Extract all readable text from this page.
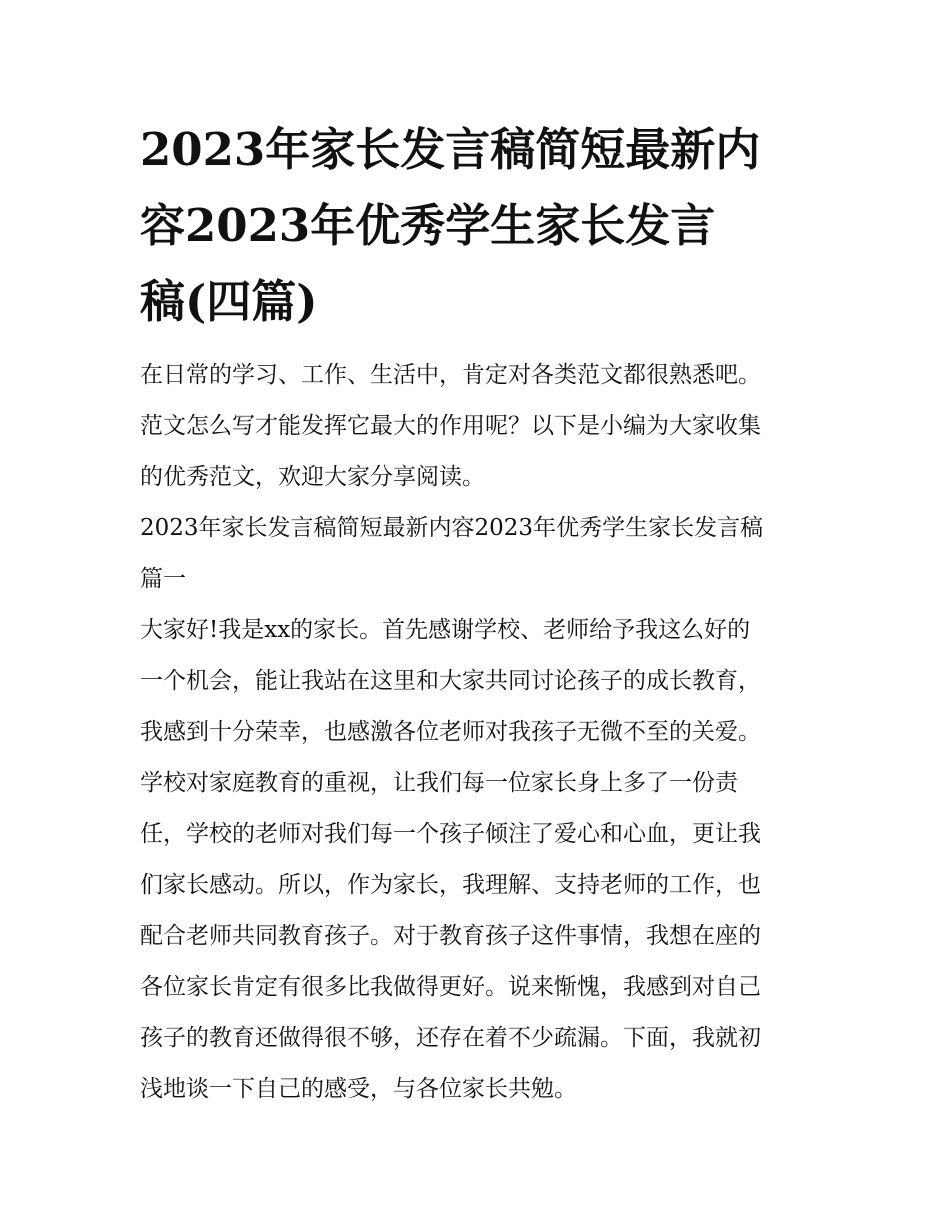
2023年家长发言稿简短最新内
容2023年优秀学生家长发言
稿(四篇)

在日常的学习、工作、生活中，肯定对各类范文都很熟悉吧。
范文怎么写才能发挥它最大的作用呢？以下是小编为大家收集
的优秀范文，欢迎大家分享阅读。

2023年家长发言稿简短最新内容2023年优秀学生家长发言稿
篇一

大家好!我是xx的家长。首先感谢学校、老师给予我这么好的
一个机会，能让我站在这里和大家共同讨论孩子的成长教育，
我感到十分荣幸，也感激各位老师对我孩子无微不至的关爱。
学校对家庭教育的重视，让我们每一位家长身上多了一份责
任，学校的老师对我们每一个孩子倾注了爱心和心血，更让我
们家长感动。所以，作为家长，我理解、支持老师的工作，也
配合老师共同教育孩子。对于教育孩子这件事情，我想在座的
各位家长肯定有很多比我做得更好。说来惭愧，我感到对自己
孩子的教育还做得很不够，还存在着不少疏漏。下面，我就初
浅地谈一下自己的感受，与各位家长共勉。
